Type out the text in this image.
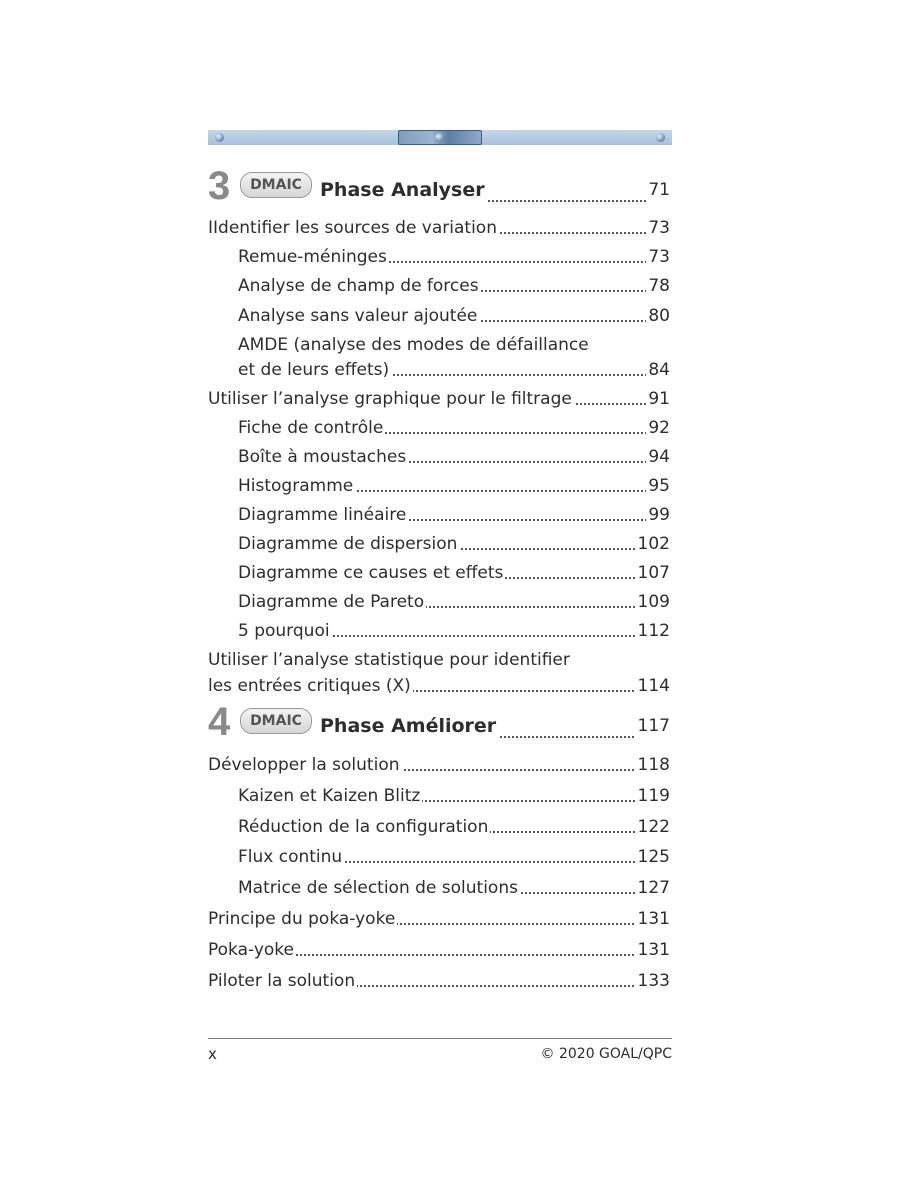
3	DMAIC Phase Analyser	71
IIdentifier les sources de variation	73
Remue-méninges	73
Analyse de champ de forces	78
Analyse sans valeur ajoutée	80
AMDE (analyse des modes de défaillance
et de leurs effets)	84
Utiliser l’analyse graphique pour le filtrage	91
Fiche de contrôle	92
Boîte à moustaches	94
Histogramme	95
Diagramme linéaire	99
Diagramme de dispersion	102
Diagramme ce causes et effets	107
Diagramme de Pareto	109
5 pourquoi	112
Utiliser l’analyse statistique pour identifier
les entrées critiques (X)	114
4	DMAIC Phase Améliorer	117
Développer la solution	118
Kaizen et Kaizen Blitz	119
Réduction de la configuration	122
Flux continu	125
Matrice de sélection de solutions	127
Principe du poka-yoke	131
Poka-yoke	131
Piloter la solution	133
x	© 2020 GOAL/QPC
